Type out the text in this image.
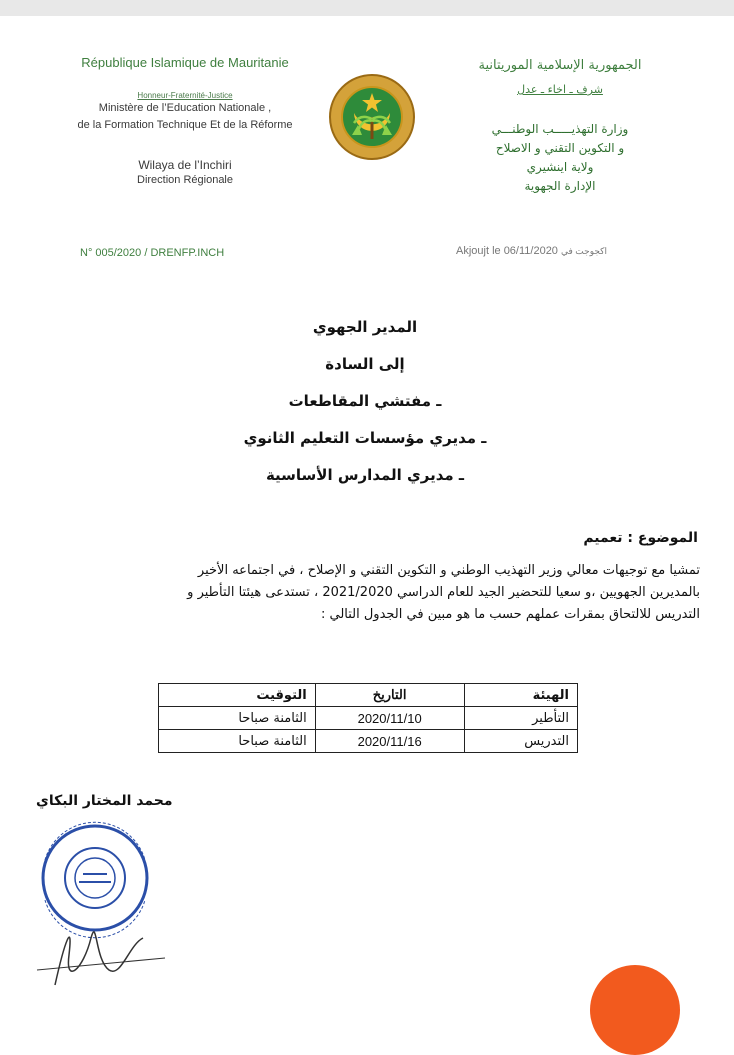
République Islamique de Mauritanie
Honneur-Fraternité-Justice
Ministère de l’Education Nationale ,
de la Formation Technique Et de la Réforme
Wilaya de l’Inchiri
Direction Régionale
N° 005/2020 / DRENFP.INCH
الجمهورية الإسلامية الموريتانية
شرف ـ اخاء ـ عدل
وزارة التهذيـــــب الوطنـــي
و التكوين التقني و الاصلاح
ولاية اينشيري
الإدارة الجهوية
Akjoujt le 06/11/2020 اكجوجت في
المدير الجهوي
إلى السادة
ـ مفتشي المقاطعات
ـ مديري مؤسسات التعليم الثانوي
ـ مديري المدارس الأساسية
الموضوع : تعميم
تمشيا مع توجيهات معالي وزير التهذيب الوطني و التكوين التقني و الإصلاح ، في اجتماعه الأخير
بالمديرين الجهويين ،و سعيا للتحضير الجيد للعام الدراسي 2021/2020 ، تستدعى هيئتا التأطير و
التدريس للالتحاق بمقرات عملهم حسب ما هو مبين في الجدول التالي :
الهيئة	التاريخ	التوقيت
التأطير	2020/11/10	الثامنة صباحا
التدريس	2020/11/16	الثامنة صباحا
محمد المختار البكاي
